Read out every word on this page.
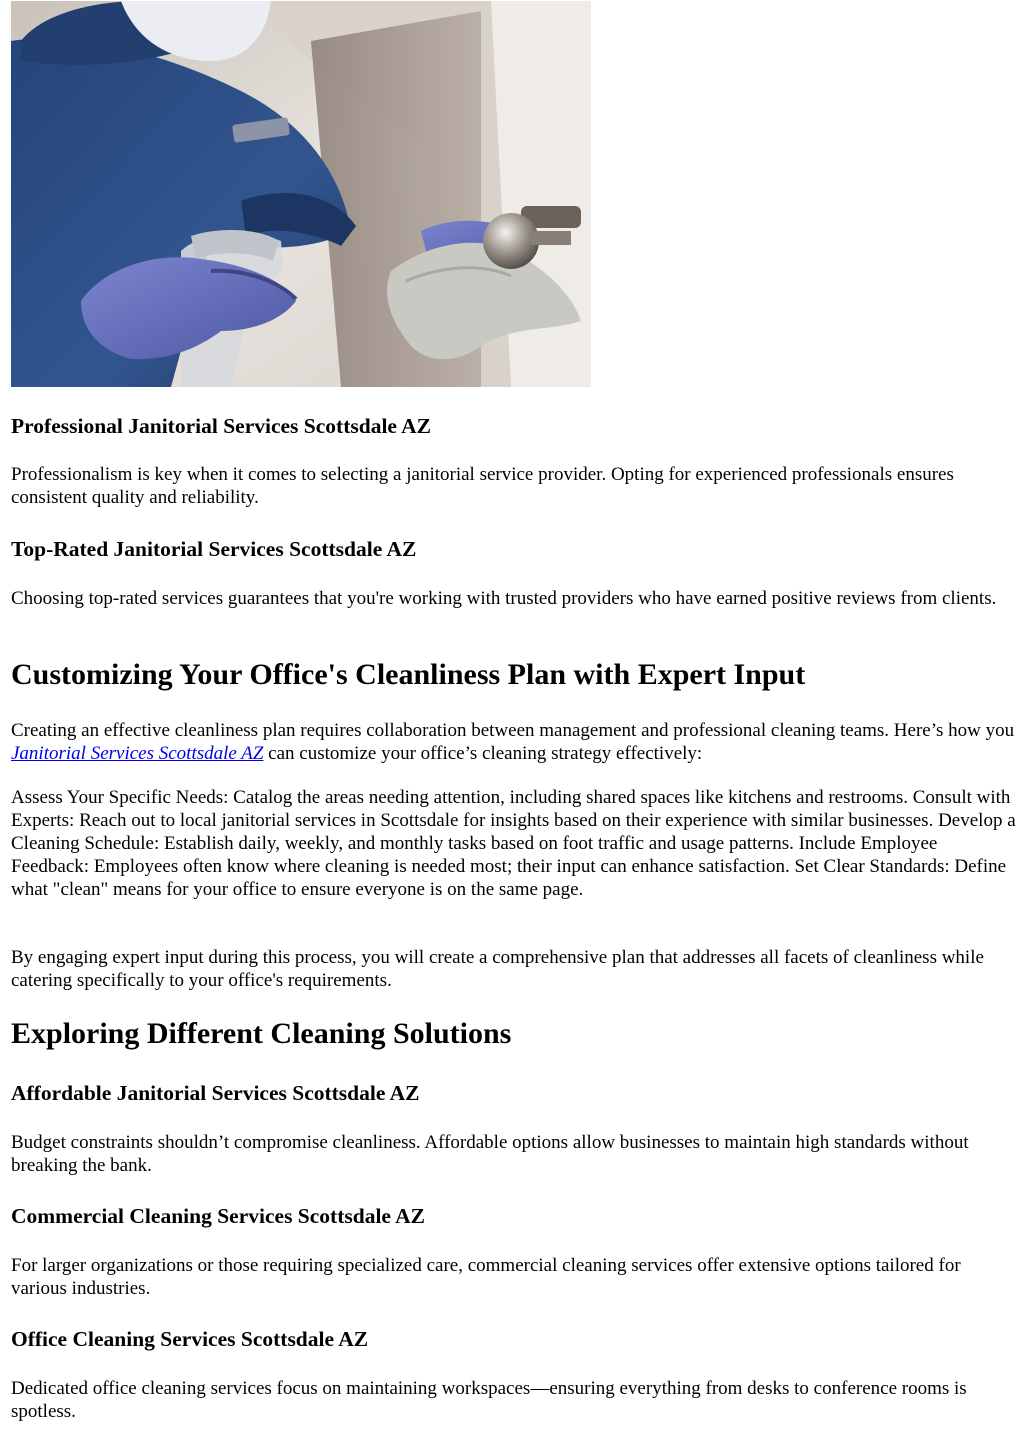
Professional Janitorial Services Scottsdale AZ

Professionalism is key when it comes to selecting a janitorial service provider. Opting for experienced professionals ensures consistent quality and reliability.

Top-Rated Janitorial Services Scottsdale AZ

Choosing top-rated services guarantees that you're working with trusted providers who have earned positive reviews from clients.

Customizing Your Office's Cleanliness Plan with Expert Input

Creating an effective cleanliness plan requires collaboration between management and professional cleaning teams. Here’s how you Janitorial Services Scottsdale AZ can customize your office’s cleaning strategy effectively:

Assess Your Specific Needs: Catalog the areas needing attention, including shared spaces like kitchens and restrooms. Consult with Experts: Reach out to local janitorial services in Scottsdale for insights based on their experience with similar businesses. Develop a Cleaning Schedule: Establish daily, weekly, and monthly tasks based on foot traffic and usage patterns. Include Employee Feedback: Employees often know where cleaning is needed most; their input can enhance satisfaction. Set Clear Standards: Define what "clean" means for your office to ensure everyone is on the same page.

By engaging expert input during this process, you will create a comprehensive plan that addresses all facets of cleanliness while catering specifically to your office's requirements.

Exploring Different Cleaning Solutions
Affordable Janitorial Services Scottsdale AZ

Budget constraints shouldn’t compromise cleanliness. Affordable options allow businesses to maintain high standards without breaking the bank.

Commercial Cleaning Services Scottsdale AZ

For larger organizations or those requiring specialized care, commercial cleaning services offer extensive options tailored for various industries.

Office Cleaning Services Scottsdale AZ

Dedicated office cleaning services focus on maintaining workspaces—ensuring everything from desks to conference rooms is spotless.
